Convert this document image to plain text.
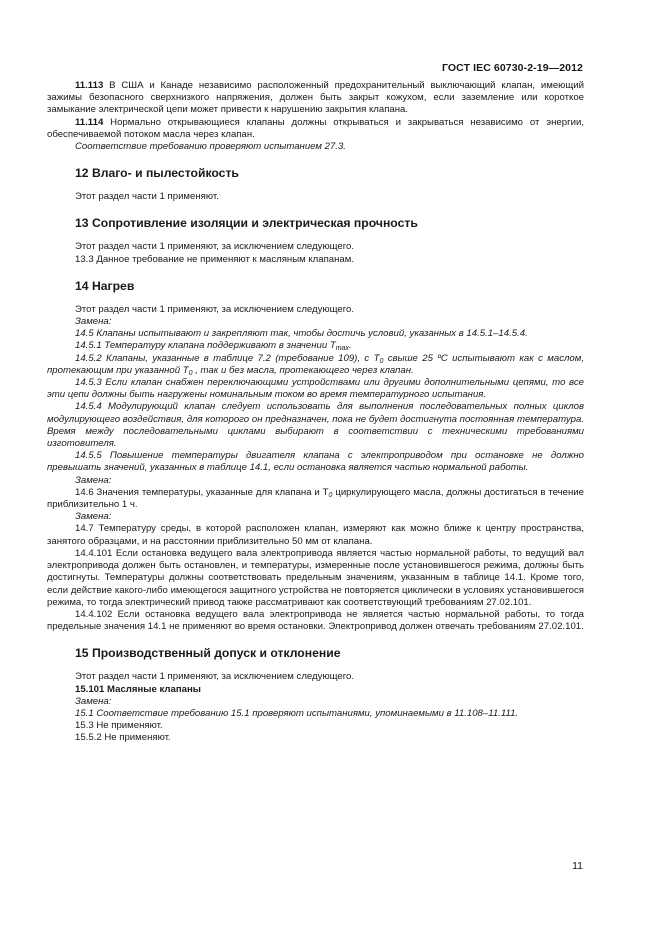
ГОСТ IEC 60730-2-19—2012

11.113 В США и Канаде независимо расположенный предохранительный выключающий клапан, имеющий зажимы безопасного сверхнизкого напряжения, должен быть закрыт кожухом, если заземление или короткое замыкание электрической цепи может привести к нарушению закрытия клапана.

11.114 Нормально открывающиеся клапаны должны открываться и закрываться независимо от энергии, обеспечиваемой потоком масла через клапан.

Соответствие требованию проверяют испытанием 27.3.

12 Влаго- и пылестойкость

Этот раздел части 1 применяют.

13 Сопротивление изоляции и электрическая прочность

Этот раздел части 1 применяют, за исключением следующего.

13.3 Данное требование не применяют к масляным клапанам.

14 Нагрев

Этот раздел части 1 применяют, за исключением следующего.

Замена:

14.5 Клапаны испытывают и закрепляют так, чтобы достичь условий, указанных в 14.5.1–14.5.4.

14.5.1 Температуру клапана поддерживают в значении $T_{max}$.

14.5.2 Клапаны, указанные в таблице 7.2 (требование 109), с $T_0$ свыше 25 ºС испытывают как с маслом, протекающим при указанной $T_0$ , так и без масла, протекающего через клапан.

14.5.3 Если клапан снабжен переключающими устройствами или другими дополнительными цепями, то все эти цепи должны быть нагружены номинальным током во время температурного испытания.

14.5.4 Модулирующий клапан следует использовать для выполнения последовательных полных циклов модулирующего воздействия, для которого он предназначен, пока не будет достигнута постоянная температура. Время между последовательными циклами выбирают в соответствии с техническими требованиями изготовителя.

14.5.5 Повышение температуры двигателя клапана с электроприводом при остановке не должно превышать значений, указанных в таблице 14.1, если остановка является частью нормальной работы.

Замена:

14.6 Значения температуры, указанные для клапана и $T_0$ циркулирующего масла, должны достигаться в течение приблизительно 1 ч.

Замена:

14.7 Температуру среды, в которой расположен клапан, измеряют как можно ближе к центру пространства, занятого образцами, и на расстоянии приблизительно 50 мм от клапана.

14.4.101 Если остановка ведущего вала электропривода является частью нормальной работы, то ведущий вал электропривода должен быть остановлен, и температуры, измеренные после установившегося режима, должны быть достигнуты. Температуры должны соответствовать предельным значениям, указанным в таблице 14.1. Кроме того, если действие какого-либо имеющегося защитного устройства не повторяется циклически в условиях установившегося режима, то тогда электрический привод также рассматривают как соответствующий требованиям 27.02.101.

14.4.102 Если остановка ведущего вала электропривода не является частью нормальной работы, то тогда предельные значения 14.1 не применяют во время остановки. Электропривод должен отвечать требованиям 27.02.101.

15 Производственный допуск и отклонение

Этот раздел части 1 применяют, за исключением следующего.

15.101 Масляные клапаны

Замена:

15.1 Соответствие требованию 15.1 проверяют испытаниями, упоминаемыми в 11.108–11.111.

15.3 Не применяют.

15.5.2 Не применяют.

11
